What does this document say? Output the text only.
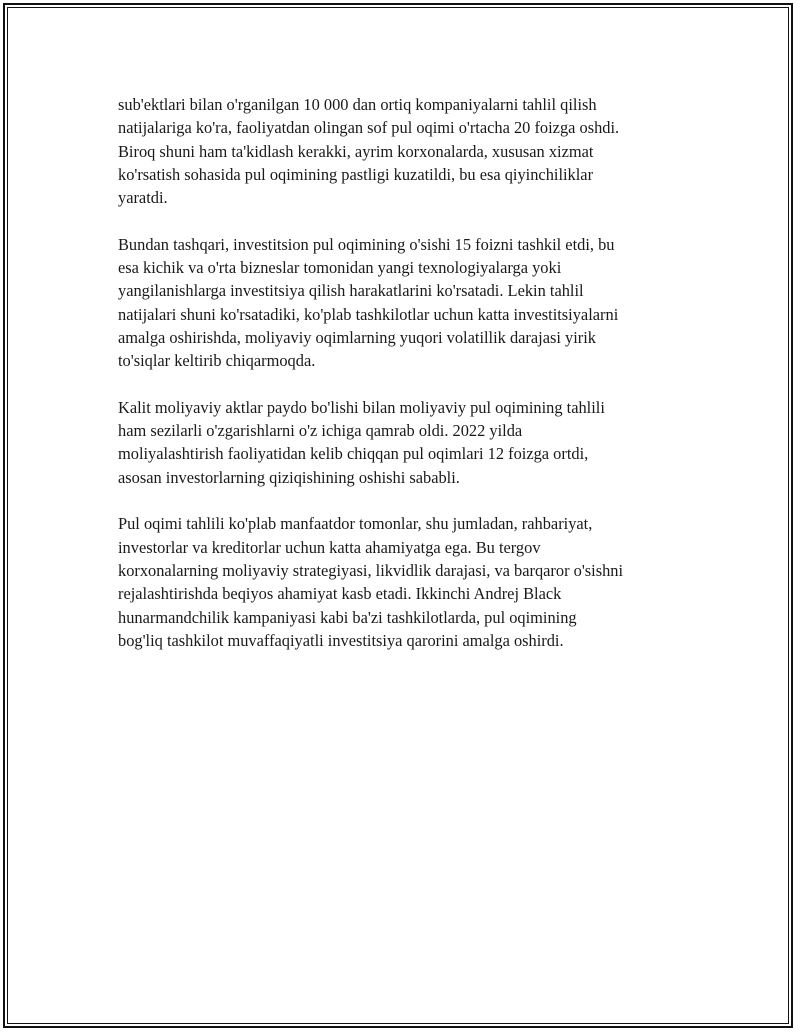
sub'ektlari bilan o'rganilgan 10 000 dan ortiq kompaniyalarni tahlil qilish
natijalariga ko'ra, faoliyatdan olingan sof pul oqimi o'rtacha 20 foizga oshdi.
Biroq shuni ham ta'kidlash kerakki, ayrim korxonalarda, xususan xizmat
ko'rsatish sohasida pul oqimining pastligi kuzatildi, bu esa qiyinchiliklar
yaratdi.

Bundan tashqari, investitsion pul oqimining o'sishi 15 foizni tashkil etdi, bu
esa kichik va o'rta bizneslar tomonidan yangi texnologiyalarga yoki
yangilanishlarga investitsiya qilish harakatlarini ko'rsatadi. Lekin tahlil
natijalari shuni ko'rsatadiki, ko'plab tashkilotlar uchun katta investitsiyalarni
amalga oshirishda, moliyaviy oqimlarning yuqori volatillik darajasi yirik
to'siqlar keltirib chiqarmoqda.

Kalit moliyaviy aktlar paydo bo'lishi bilan moliyaviy pul oqimining tahlili
ham sezilarli o'zgarishlarni o'z ichiga qamrab oldi. 2022 yilda
moliyalashtirish faoliyatidan kelib chiqqan pul oqimlari 12 foizga ortdi,
asosan investorlarning qiziqishining oshishi sababli.

Pul oqimi tahlili ko'plab manfaatdor tomonlar, shu jumladan, rahbariyat,
investorlar va kreditorlar uchun katta ahamiyatga ega. Bu tergov
korxonalarning moliyaviy strategiyasi, likvidlik darajasi, va barqaror o'sishni
rejalashtirishda beqiyos ahamiyat kasb etadi. Ikkinchi Andrej Black
hunarmandchilik kampaniyasi kabi ba'zi tashkilotlarda, pul oqimining
bog'liq tashkilot muvaffaqiyatli investitsiya qarorini amalga oshirdi.
